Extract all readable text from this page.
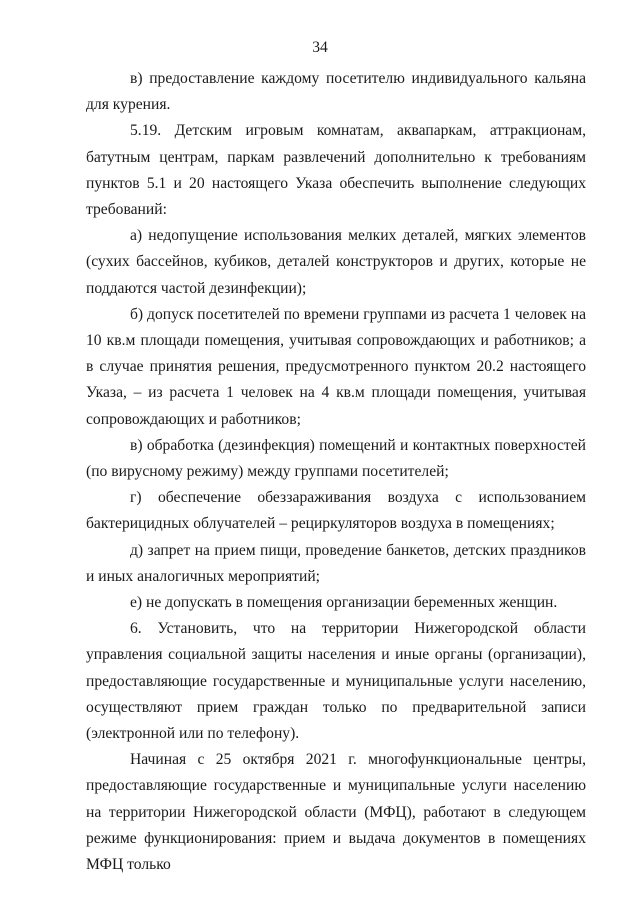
34

в) предоставление каждому посетителю индивидуального кальяна для курения.

5.19. Детским игровым комнатам, аквапаркам, аттракционам, батутным центрам, паркам развлечений дополнительно к требованиям пунктов 5.1 и 20 настоящего Указа обеспечить выполнение следующих требований:

а) недопущение использования мелких деталей, мягких элементов (сухих бассейнов, кубиков, деталей конструкторов и других, которые не поддаются частой дезинфекции);

б) допуск посетителей по времени группами из расчета 1 человек на 10 кв.м площади помещения, учитывая сопровождающих и работников; а в случае принятия решения, предусмотренного пунктом 20.2 настоящего Указа, – из расчета 1 человек на 4 кв.м площади помещения, учитывая сопровождающих и работников;

в) обработка (дезинфекция) помещений и контактных поверхностей (по вирусному режиму) между группами посетителей;

г) обеспечение обеззараживания воздуха с использованием бактерицидных облучателей – рециркуляторов воздуха в помещениях;

д) запрет на прием пищи, проведение банкетов, детских праздников и иных аналогичных мероприятий;

е) не допускать в помещения организации беременных женщин.

6. Установить, что на территории Нижегородской области управления социальной защиты населения и иные органы (организации), предоставляющие государственные и муниципальные услуги населению, осуществляют прием граждан только по предварительной записи (электронной или по телефону).

Начиная с 25 октября 2021 г. многофункциональные центры, предоставляющие государственные и муниципальные услуги населению на территории Нижегородской области (МФЦ), работают в следующем режиме функционирования: прием и выдача документов в помещениях МФЦ только
